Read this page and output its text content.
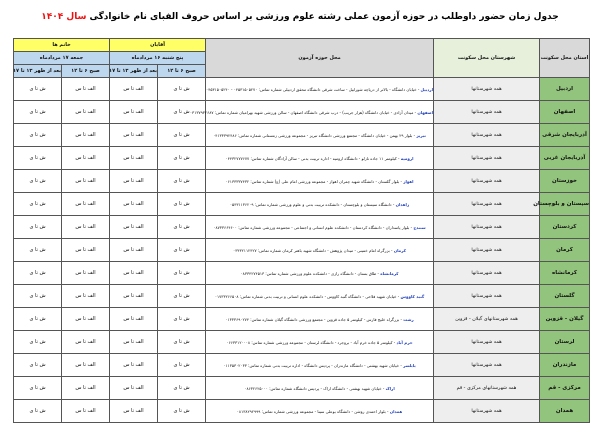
جدول زمان حضور داوطلب در حوزه آزمون عملی رشته علوم ورزشی بر اساس حروف الفبای نام خانوادگی
سال ۱۴۰۴
استان محل سکونت	شهرستان محل سکونت	محل حوزه آزمون	آقایان		خانم ها	
			پنج شنبه ۱۶ مردادماه		جمعه ۱۷ مردادماه	
			صبح ۶ تا ۱۲	بعد از ظهر ۱۳ تا ۱۷	صبح ۶ تا ۱۲	بعد از ظهر ۱۳ تا ۱۷
اردبیل	همه شهرستانها	اردبیل - خیابان دانشگاه - بالاتر از دریاچه شورابیل - ساخت شرقی دانشگاه محقق اردبیلی شماره تماس: ۰۴۵۳۱۵۰۵۲۷۰ - ۰۴۵۳۱۵۰۵۲۴۰	ش تا ی	الف تا س	الف تا س	ش تا ی
اصفهان	همه شهرستانها	اصفهان - میدان آزادی - خیابان دانشگاه (هزار جریب) - درب شرقی دانشگاه اصفهان - سالن ورزشی شهید بهرامیان شماره تماس: ۰۳۱۳۷۹۳۲۶۸۷	ش تا ی	الف تا س	الف تا س	ش تا ی
آذربایجان شرقی	همه شهرستانها	تبریز - بلوار ۲۹ بهمن - خیابان دانشگاه - مجتمع ورزشی دانشگاه تبریز - مجموعه ورزشی زمستانی شماره تماس: ۰۴۱۳۳۳۹۲۴۸۶	ش تا ی	الف تا س	الف تا س	ش تا ی
آذربایجان غربی	همه شهرستانها	ارومیه - کیلومتر ۱۱ جاده نازلو - دانشگاه ارومیه - اداره تربیت بدنی - سالن آزادگان شماره تماس: ۰۴۴۳۲۷۷۷۶۷۷	ش تا ی	الف تا س	الف تا س	ش تا ی
خوزستان	همه شهرستانها	اهواز - بلوار گلستان - دانشگاه شهید چمران اهواز - مجموعه ورزشی امام علی (ع) شماره تماس: ۰۶۱۳۳۳۳۷۴۳۲	ش تا ی	الف تا س	الف تا س	ش تا ی
سیستان و بلوچستان	همه شهرستانها	زاهدان - دانشگاه سیستان و بلوچستان - دانشکده تربیت بدنی و علوم ورزشی شماره تماس: ۰۵۴۳۱۱۳۶۲۰۹	ش تا ی	الف تا س	الف تا س	ش تا ی
کردستان	همه شهرستانها	سنندج - بلوار پاسداران - دانشگاه کردستان - دانشکده علوم انسانی و اجتماعی - مجموعه ورزشی شماره تماس: ۰۸۷۳۳۶۶۴۶۰۰	ش تا ی	الف تا س	الف تا س	ش تا ی
کرمان	همه شهرستانها	کرمان - بزرگراه امام خمینی - میدان پژوهش - دانشگاه شهید باهنر کرمان شماره تماس: ۰۳۴۳۲۱۱۲۴۲۷	ش تا ی	الف تا س	الف تا س	ش تا ی
کرمانشاه	همه شهرستانها	کرمانشاه - طاق بستان - دانشگاه رازی - دانشکده علوم ورزشی شماره تماس: ۰۸۳۳۴۲۷۴۵۱۳	ش تا ی	الف تا س	الف تا س	ش تا ی
گلستان	همه شهرستانها	گنبد کاووس - خیابان شهید فلاحی - دانشگاه گنبد کاووس - دانشکده علوم انسانی و تربیت بدنی شماره تماس: ۰۱۷۳۳۲۶۶۵۰۸	ش تا ی	الف تا س	الف تا س	ش تا ی
گیلان - قزوین	همه شهرستانهای گیلان - قزوین	رشت - بزرگراه خلیج فارس - کیلومتر ۵ جاده قزوین - مجتمع ورزشی دانشگاه گیلان شماره تماس: ۰۱۳۳۳۶۹۰۲۷۴	ش تا ی	الف تا س	الف تا س	ش تا ی
لرستان	همه شهرستانها	خرم آباد - کیلومتر ۵ جاده خرم آباد - بروجرد - دانشگاه لرستان - مجموعه ورزشی شماره تماس: ۰۶۶۳۳۱۲۰۰۰۸	ش تا ی	الف تا س	الف تا س	ش تا ی
مازندران	همه شهرستانها	بابلسر - خیابان شهید بهشتی - دانشگاه مازندران - پردیس دانشگاه - اداره تربیت بدنی شماره تماس: ۰۱۱۳۵۳۰۲۰۳۳	ش تا ی	الف تا س	الف تا س	ش تا ی
مرکزی - قم	همه شهرستانهای مرکزی - قم	اراک - خیابان شهید بهشتی - دانشگاه اراک - پردیس دانشگاه شماره تماس: ۰۸۶۳۲۶۲۵۰۰۰	ش تا ی	الف تا س	الف تا س	ش تا ی
همدان	همه شهرستانها	همدان - بلوار احمدی روشن - دانشگاه بوعلی سینا - مجموعه ورزشی شماره تماس: ۰۸۱۳۸۲۹۲۹۹۹	ش تا ی	الف تا س	الف تا س	ش تا ی
